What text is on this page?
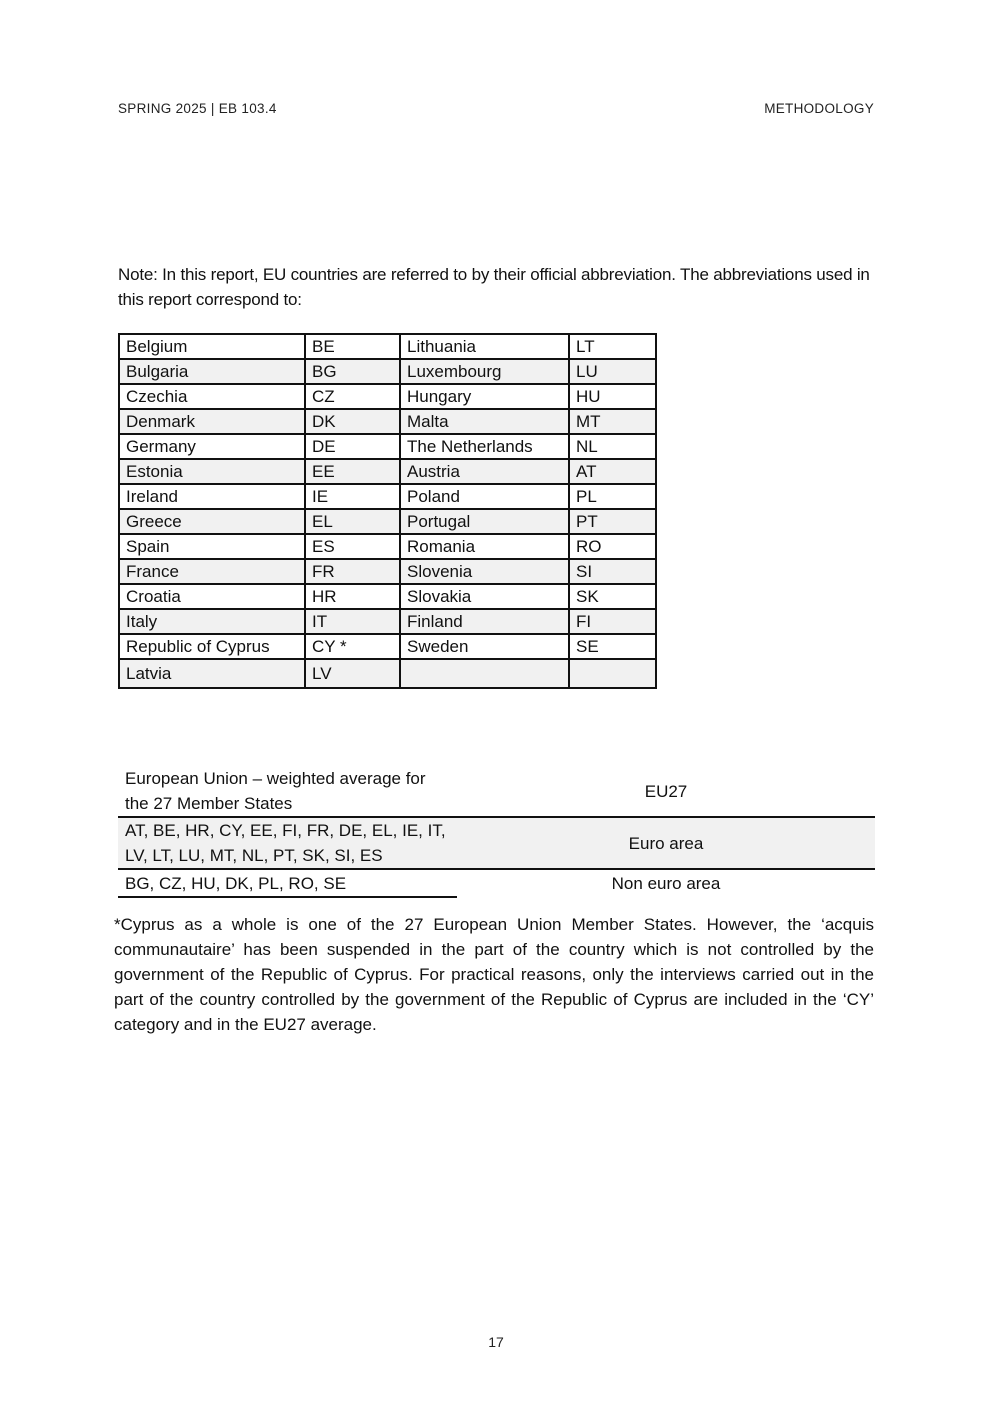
SPRING 2025 | EB 103.4	METHODOLOGY
Note: In this report, EU countries are referred to by their official abbreviation. The abbreviations used in this report correspond to:
Belgium	BE	Lithuania	LT
Bulgaria	BG	Luxembourg	LU
Czechia	CZ	Hungary	HU
Denmark	DK	Malta	MT
Germany	DE	The Netherlands	NL
Estonia	EE	Austria	AT
Ireland	IE	Poland	PL
Greece	EL	Portugal	PT
Spain	ES	Romania	RO
France	FR	Slovenia	SI
Croatia	HR	Slovakia	SK
Italy	IT	Finland	FI
Republic of Cyprus	CY *	Sweden	SE
Latvia	LV		
European Union – weighted average for the 27 Member States	EU27
AT, BE, HR, CY, EE, FI, FR, DE, EL, IE, IT, LV, LT, LU, MT, NL, PT, SK, SI, ES	Euro area
BG, CZ, HU, DK, PL, RO, SE	Non euro area
*Cyprus as a whole is one of the 27 European Union Member States. However, the ‘acquis communautaire’ has been suspended in the part of the country which is not controlled by the government of the Republic of Cyprus. For practical reasons, only the interviews carried out in the part of the country controlled by the government of the Republic of Cyprus are included in the ‘CY’ category and in the EU27 average.
17
